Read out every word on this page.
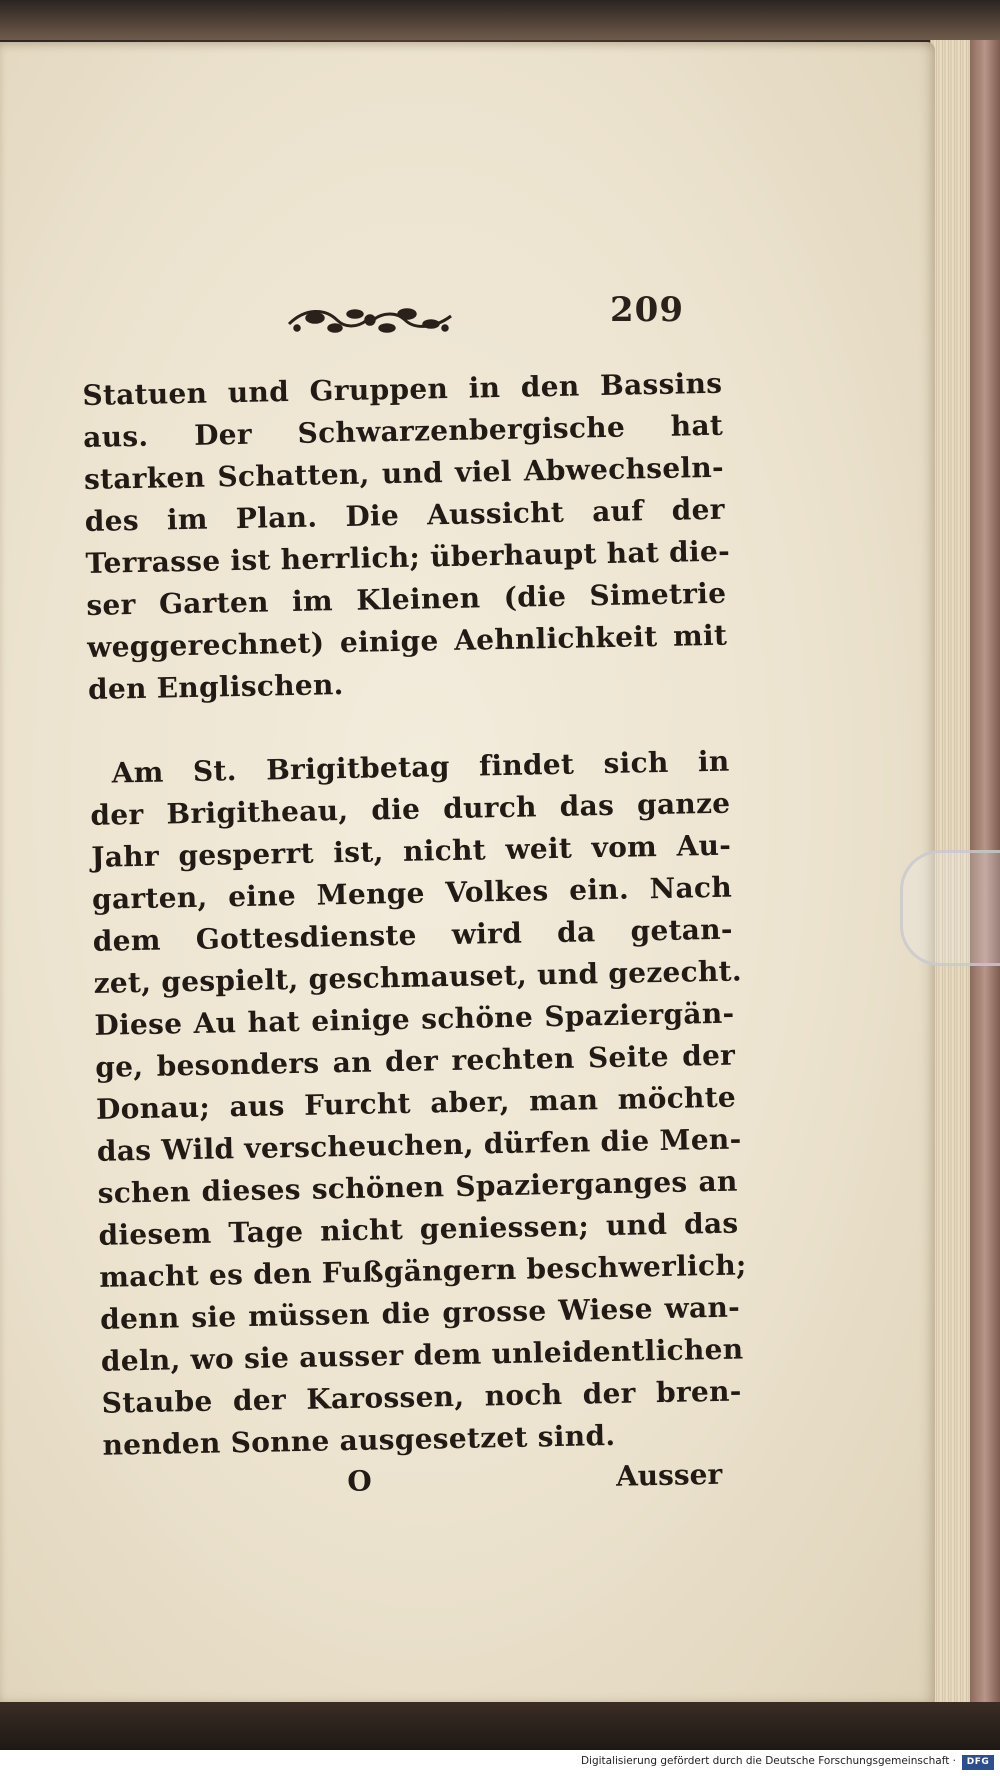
209
Statuen und Gruppen in den Bassins
aus. Der Schwarzenbergische hat
starken Schatten, und viel Abwechseln-
des im Plan. Die Aussicht auf der
Terrasse ist herrlich; überhaupt hat die-
ser Garten im Kleinen (die Simetrie
weggerechnet) einige Aehnlichkeit mit
den Englischen.
Am St. Brigitbetag findet sich in
der Brigitheau, die durch das ganze
Jahr gesperrt ist, nicht weit vom Au-
garten, eine Menge Volkes ein. Nach
dem Gottesdienste wird da getan-
zet, gespielt, geschmauset, und gezecht.
Diese Au hat einige schöne Spaziergän-
ge, besonders an der rechten Seite der
Donau; aus Furcht aber, man möchte
das Wild verscheuchen, dürfen die Men-
schen dieses schönen Spazierganges an
diesem Tage nicht geniessen; und das
macht es den Fußgängern beschwerlich;
denn sie müssen die grosse Wiese wan-
deln, wo sie ausser dem unleidentlichen
Staube der Karossen, noch der bren-
nenden Sonne ausgesetzet sind.
O	Ausser
Digitalisierung gefördert durch die Deutsche Forschungsgemeinschaft ·	DFG
